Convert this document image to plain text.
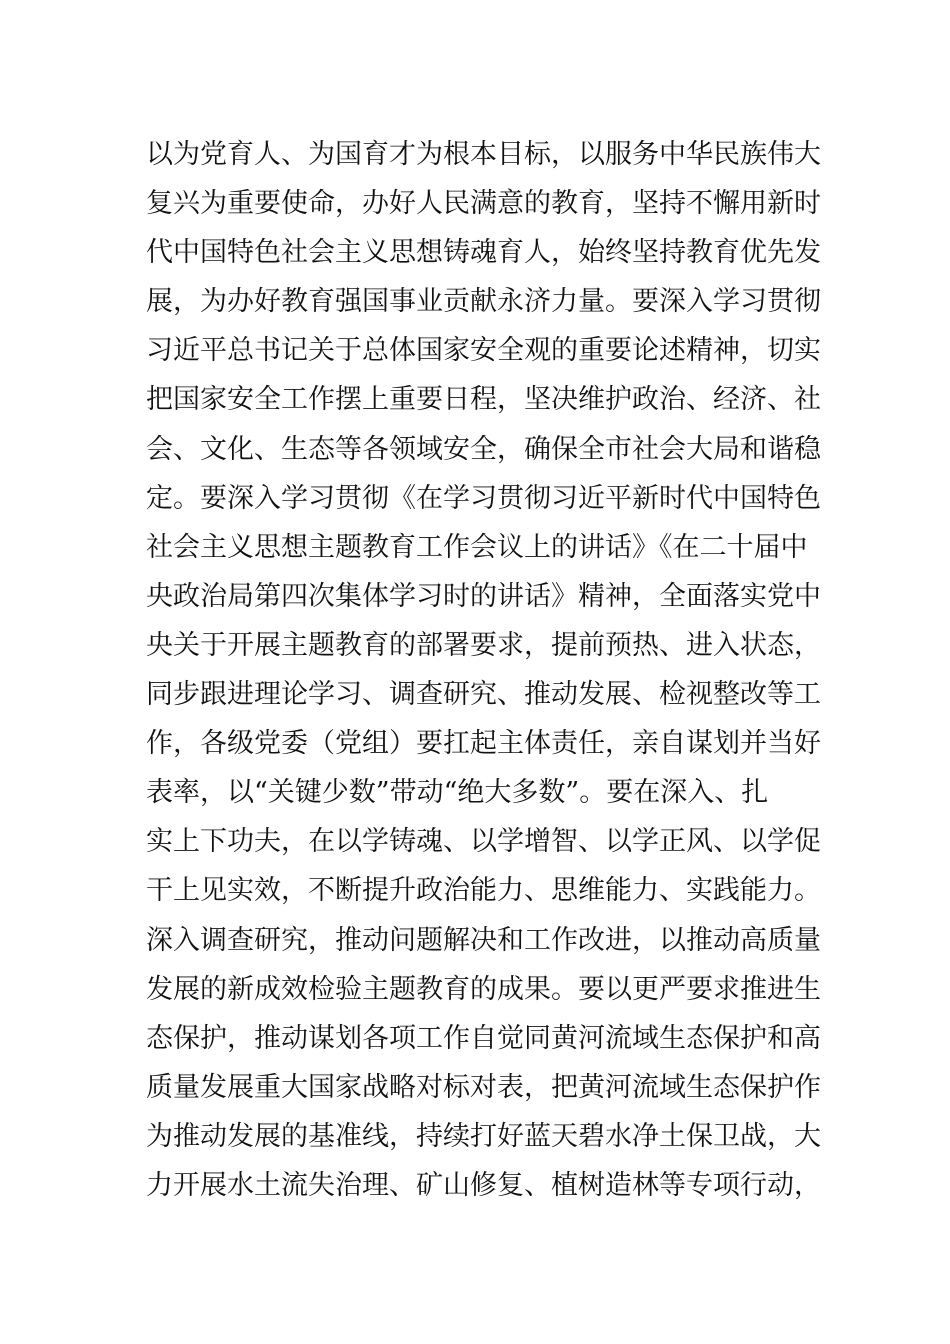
以为党育人、为国育才为根本目标，以服务中华民族伟大
复兴为重要使命，办好人民满意的教育，坚持不懈用新时
代中国特色社会主义思想铸魂育人，始终坚持教育优先发
展，为办好教育强国事业贡献永济力量。要深入学习贯彻
习近平总书记关于总体国家安全观的重要论述精神，切实
把国家安全工作摆上重要日程，坚决维护政治、经济、社
会、文化、生态等各领域安全，确保全市社会大局和谐稳
定。要深入学习贯彻《在学习贯彻习近平新时代中国特色
社会主义思想主题教育工作会议上的讲话》《在二十届中
央政治局第四次集体学习时的讲话》精神，全面落实党中
央关于开展主题教育的部署要求，提前预热、进入状态，
同步跟进理论学习、调查研究、推动发展、检视整改等工
作，各级党委（党组）要扛起主体责任，亲自谋划并当好
表率，以“关键少数”带动“绝大多数”。要在深入、扎
实上下功夫，在以学铸魂、以学增智、以学正风、以学促
干上见实效，不断提升政治能力、思维能力、实践能力。
深入调查研究，推动问题解决和工作改进，以推动高质量
发展的新成效检验主题教育的成果。要以更严要求推进生
态保护，推动谋划各项工作自觉同黄河流域生态保护和高
质量发展重大国家战略对标对表，把黄河流域生态保护作
为推动发展的基准线，持续打好蓝天碧水净土保卫战，大
力开展水土流失治理、矿山修复、植树造林等专项行动，
